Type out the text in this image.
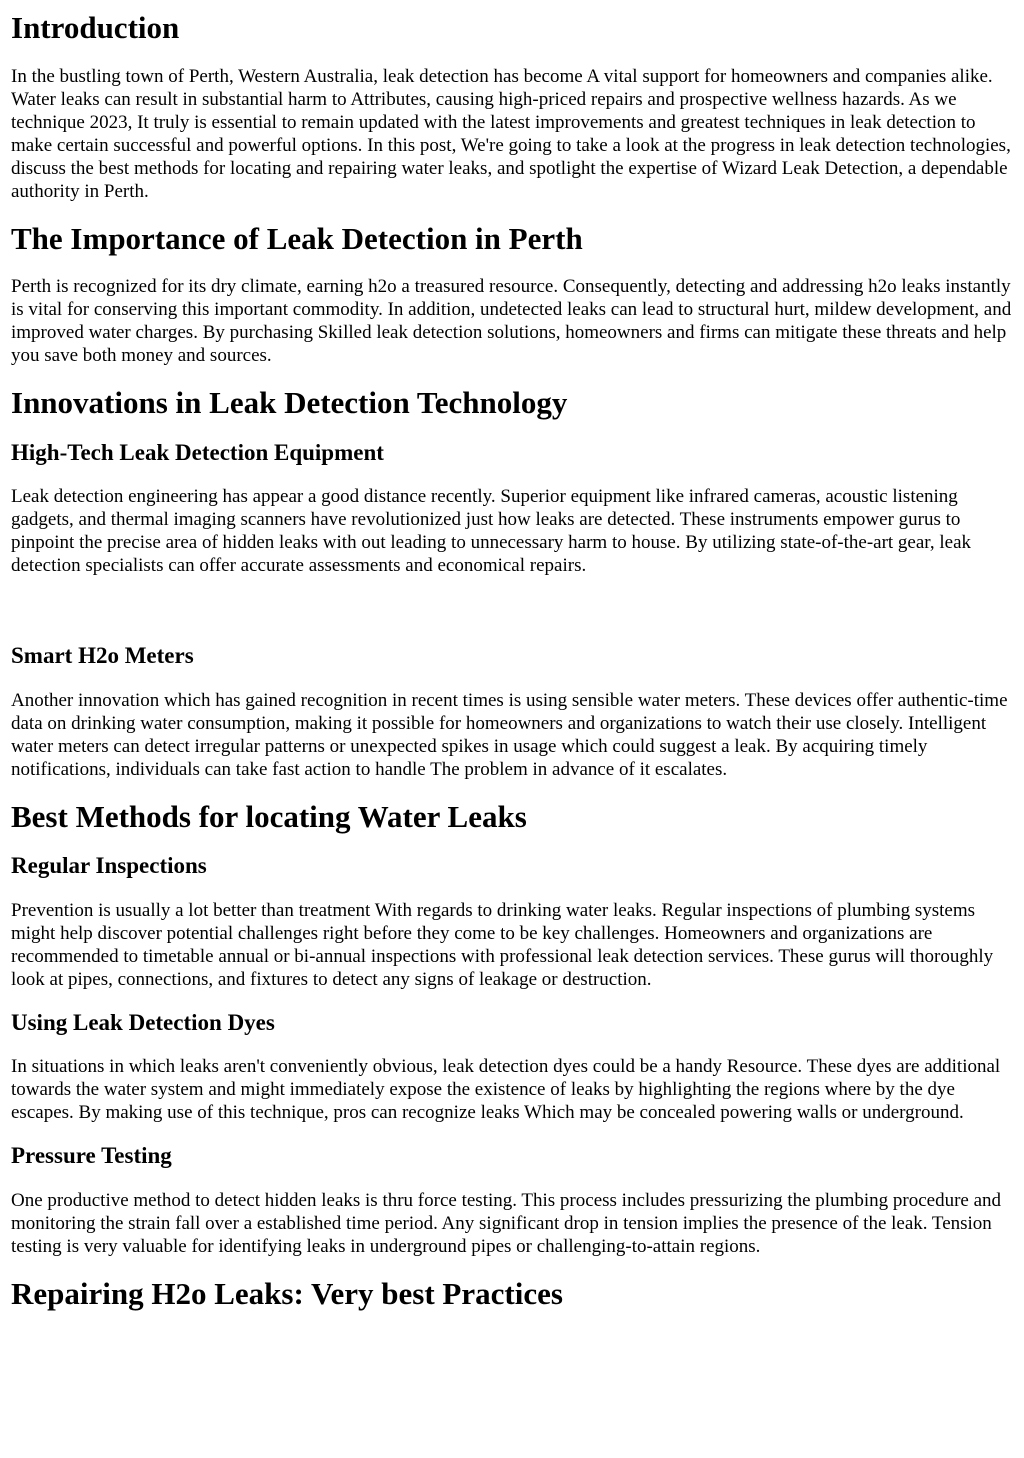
Introduction

In the bustling town of Perth, Western Australia, leak detection has become A vital support for homeowners and companies alike. Water leaks can result in substantial harm to Attributes, causing high-priced repairs and prospective wellness hazards. As we technique 2023, It truly is essential to remain updated with the latest improvements and greatest techniques in leak detection to make certain successful and powerful options. In this post, We're going to take a look at the progress in leak detection technologies, discuss the best methods for locating and repairing water leaks, and spotlight the expertise of Wizard Leak Detection, a dependable authority in Perth.

The Importance of Leak Detection in Perth

Perth is recognized for its dry climate, earning h2o a treasured resource. Consequently, detecting and addressing h2o leaks instantly is vital for conserving this important commodity. In addition, undetected leaks can lead to structural hurt, mildew development, and improved water charges. By purchasing Skilled leak detection solutions, homeowners and firms can mitigate these threats and help you save both money and sources.

Innovations in Leak Detection Technology
High-Tech Leak Detection Equipment

Leak detection engineering has appear a good distance recently. Superior equipment like infrared cameras, acoustic listening gadgets, and thermal imaging scanners have revolutionized just how leaks are detected. These instruments empower gurus to pinpoint the precise area of hidden leaks with out leading to unnecessary harm to house. By utilizing state-of-the-art gear, leak detection specialists can offer accurate assessments and economical repairs.

Smart H2o Meters

Another innovation which has gained recognition in recent times is using sensible water meters. These devices offer authentic-time data on drinking water consumption, making it possible for homeowners and organizations to watch their use closely. Intelligent water meters can detect irregular patterns or unexpected spikes in usage which could suggest a leak. By acquiring timely notifications, individuals can take fast action to handle The problem in advance of it escalates.

Best Methods for locating Water Leaks
Regular Inspections

Prevention is usually a lot better than treatment With regards to drinking water leaks. Regular inspections of plumbing systems might help discover potential challenges right before they come to be key challenges. Homeowners and organizations are recommended to timetable annual or bi-annual inspections with professional leak detection services. These gurus will thoroughly look at pipes, connections, and fixtures to detect any signs of leakage or destruction.

Using Leak Detection Dyes

In situations in which leaks aren't conveniently obvious, leak detection dyes could be a handy Resource. These dyes are additional towards the water system and might immediately expose the existence of leaks by highlighting the regions where by the dye escapes. By making use of this technique, pros can recognize leaks Which may be concealed powering walls or underground.

Pressure Testing

One productive method to detect hidden leaks is thru force testing. This process includes pressurizing the plumbing procedure and monitoring the strain fall over a established time period. Any significant drop in tension implies the presence of the leak. Tension testing is very valuable for identifying leaks in underground pipes or challenging-to-attain regions.

Repairing H2o Leaks: Very best Practices
